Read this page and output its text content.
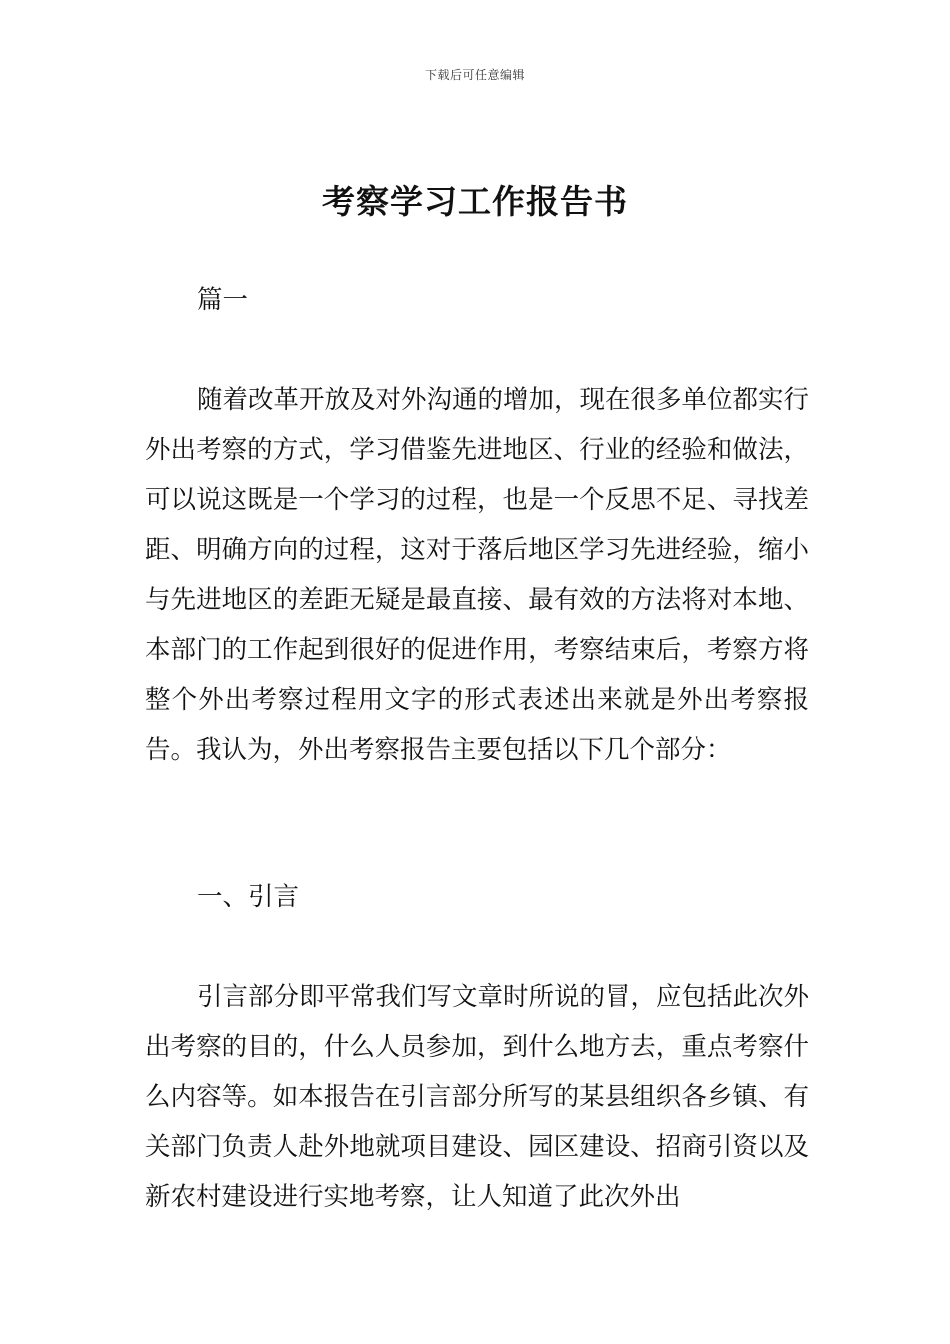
下载后可任意编辑
考察学习工作报告书

篇一

随着改革开放及对外沟通的增加，现在很多单位都实行外出考察的方式，学习借鉴先进地区、行业的经验和做法，可以说这既是一个学习的过程，也是一个反思不足、寻找差距、明确方向的过程，这对于落后地区学习先进经验，缩小与先进地区的差距无疑是最直接、最有效的方法将对本地、本部门的工作起到很好的促进作用，考察结束后，考察方将整个外出考察过程用文字的形式表述出来就是外出考察报告。我认为，外出考察报告主要包括以下几个部分：

一、引言

引言部分即平常我们写文章时所说的冒，应包括此次外出考察的目的，什么人员参加，到什么地方去，重点考察什么内容等。如本报告在引言部分所写的某县组织各乡镇、有关部门负责人赴外地就项目建设、园区建设、招商引资以及新农村建设进行实地考察，让人知道了此次外出
